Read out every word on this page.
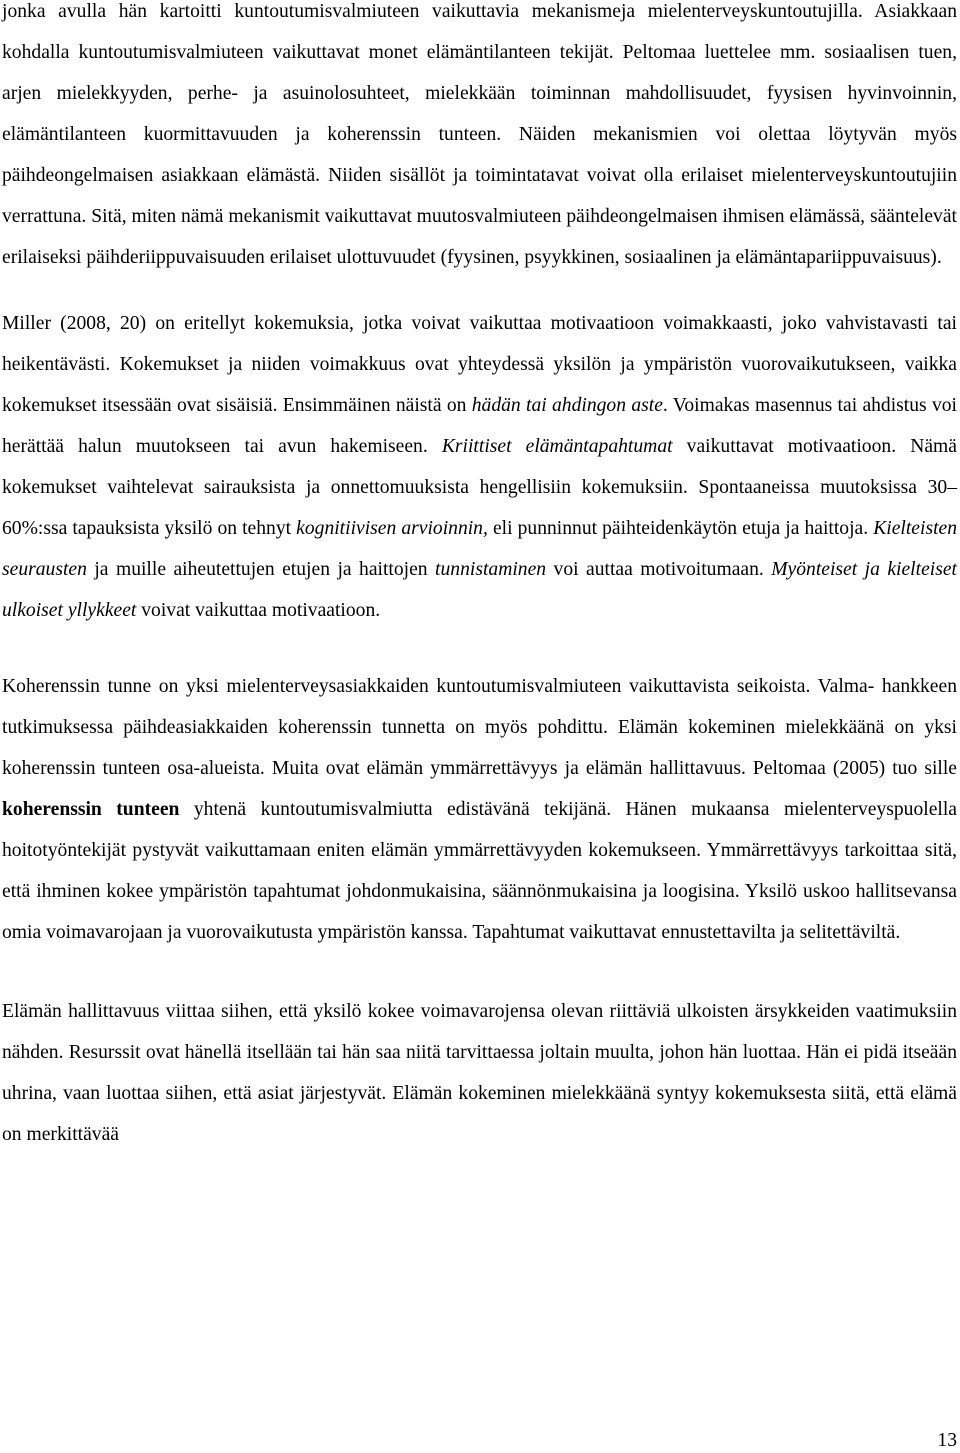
jonka avulla hän kartoitti kuntoutumisvalmiuteen vaikuttavia mekanismeja mielenterveyskuntoutujilla. Asiakkaan kohdalla kuntoutumisvalmiuteen vaikuttavat monet elämäntilanteen tekijät. Peltomaa luettelee mm. sosiaalisen tuen, arjen mielekkyyden, perhe- ja asuinolosuhteet, mielekkään toiminnan mahdollisuudet, fyysisen hyvinvoinnin, elämäntilanteen kuormittavuuden ja koherenssin tunteen. Näiden mekanismien voi olettaa löytyvän myös päihdeongelmaisen asiakkaan elämästä. Niiden sisällöt ja toimintatavat voivat olla erilaiset mielenterveyskuntoutujiin verrattuna. Sitä, miten nämä mekanismit vaikuttavat muutosvalmiuteen päihdeongelmaisen ihmisen elämässä, sääntelevät erilaiseksi päihderiippuvaisuuden erilaiset ulottuvuudet (fyysinen, psyykkinen, sosiaalinen ja elämäntapariippuvaisuus).

Miller (2008, 20) on eritellyt kokemuksia, jotka voivat vaikuttaa motivaatioon voimakkaasti, joko vahvistavasti tai heikentävästi. Kokemukset ja niiden voimakkuus ovat yhteydessä yksilön ja ympäristön vuorovaikutukseen, vaikka kokemukset itsessään ovat sisäisiä. Ensimmäinen näistä on hädän tai ahdingon aste. Voimakas masennus tai ahdistus voi herättää halun muutokseen tai avun hakemiseen. Kriittiset elämäntapahtumat vaikuttavat motivaatioon. Nämä kokemukset vaihtelevat sairauksista ja onnettomuuksista hengellisiin kokemuksiin. Spontaaneissa muutoksissa 30–60%:ssa tapauksista yksilö on tehnyt kognitiivisen arvioinnin, eli punninnut päihteidenkäytön etuja ja haittoja. Kielteisten seurausten ja muille aiheutettujen etujen ja haittojen tunnistaminen voi auttaa motivoitumaan. Myönteiset ja kielteiset ulkoiset yllykkeet voivat vaikuttaa motivaatioon.

Koherenssin tunne on yksi mielenterveysasiakkaiden kuntoutumisvalmiuteen vaikuttavista seikoista. Valma- hankkeen tutkimuksessa päihdeasiakkaiden koherenssin tunnetta on myös pohdittu. Elämän kokeminen mielekkäänä on yksi koherenssin tunteen osa-alueista. Muita ovat elämän ymmärrettävyys ja elämän hallittavuus. Peltomaa (2005) tuo sille koherenssin tunteen yhtenä kuntoutumisvalmiutta edistävänä tekijänä. Hänen mukaansa mielenterveyspuolella hoitotyöntekijät pystyvät vaikuttamaan eniten elämän ymmärrettävyyden kokemukseen. Ymmärrettävyys tarkoittaa sitä, että ihminen kokee ympäristön tapahtumat johdonmukaisina, säännönmukaisina ja loogisina. Yksilö uskoo hallitsevansa omia voimavarojaan ja vuorovaikutusta ympäristön kanssa. Tapahtumat vaikuttavat ennustettavilta ja selitettäviltä.

Elämän hallittavuus viittaa siihen, että yksilö kokee voimavarojensa olevan riittäviä ulkoisten ärsykkeiden vaatimuksiin nähden. Resurssit ovat hänellä itsellään tai hän saa niitä tarvittaessa joltain muulta, johon hän luottaa. Hän ei pidä itseään uhrina, vaan luottaa siihen, että asiat järjestyvät. Elämän kokeminen mielekkäänä syntyy kokemuksesta siitä, että elämä on merkittävää

13
